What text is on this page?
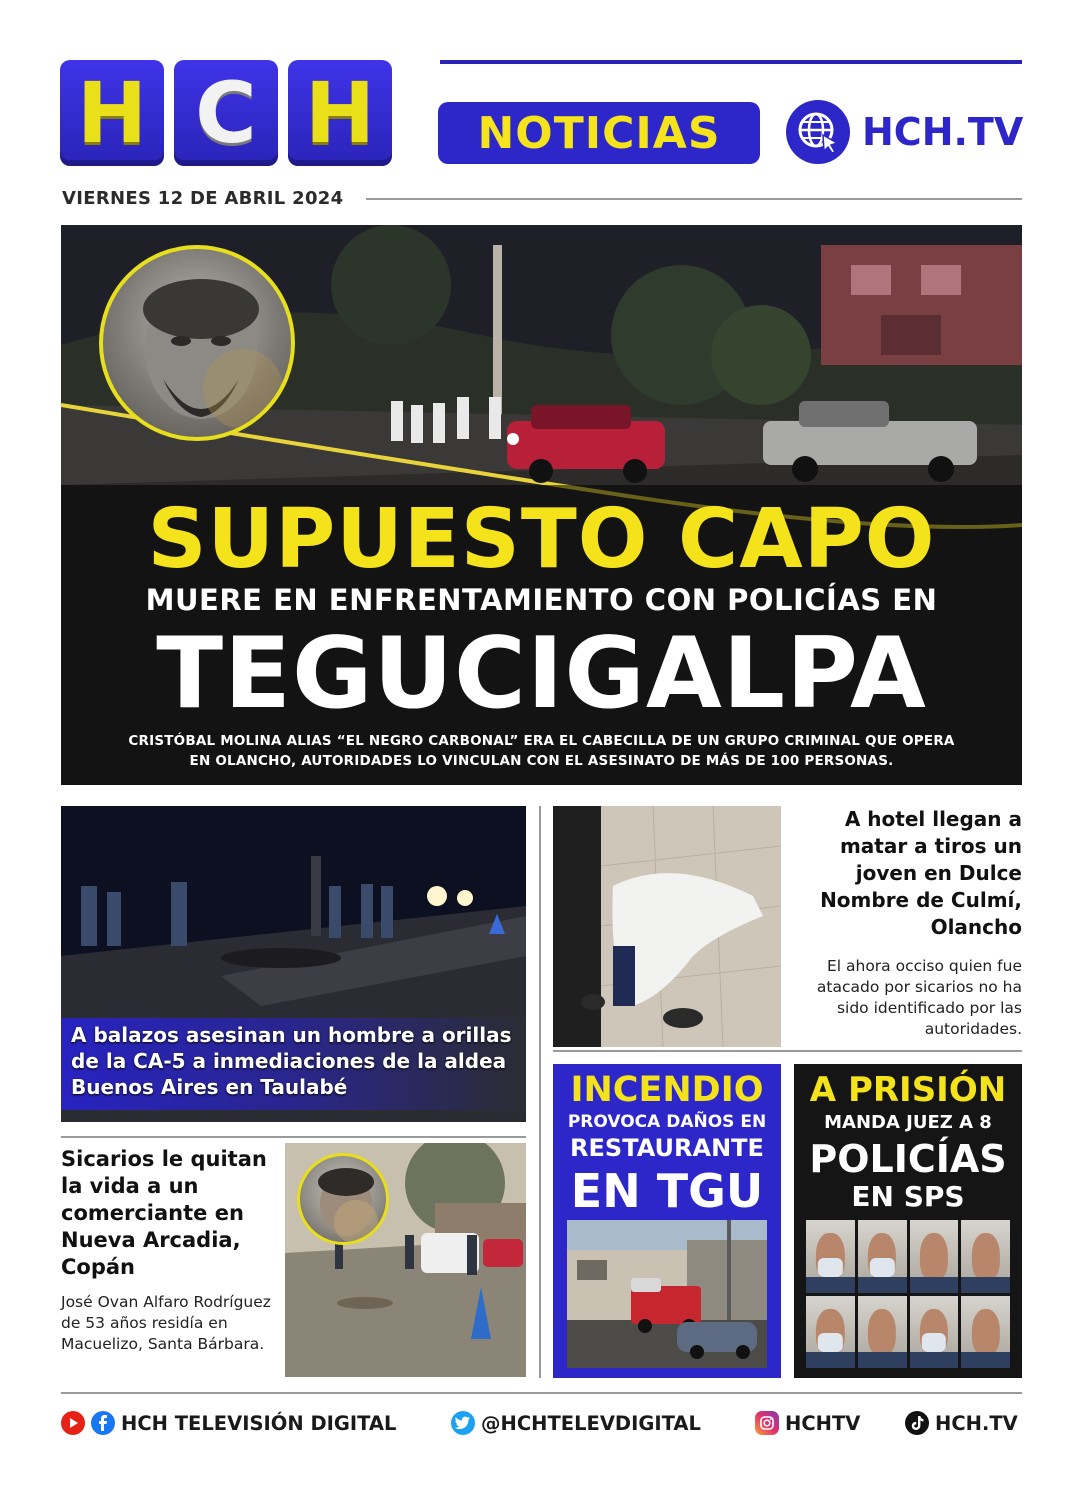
H C H	NOTICIAS	HCH.TV
VIERNES 12 DE ABRIL 2024
SUPUESTO CAPO
MUERE EN ENFRENTAMIENTO CON POLICÍAS EN
TEGUCIGALPA
CRISTÓBAL MOLINA ALIAS “EL NEGRO CARBONAL” ERA EL CABECILLA DE UN GRUPO CRIMINAL QUE OPERA EN OLANCHO, AUTORIDADES LO VINCULAN CON EL ASESINATO DE MÁS DE 100 PERSONAS.
A balazos asesinan un hombre a orillas de la CA-5 a inmediaciones de la aldea Buenos Aires en Taulabé
Sicarios le quitan la vida a un comerciante en Nueva Arcadia, Copán
José Ovan Alfaro Rodríguez de 53 años residía en Macuelizo, Santa Bárbara.
A hotel llegan a matar a tiros un joven en Dulce Nombre de Culmí, Olancho
El ahora occiso quien fue atacado por sicarios no ha sido identificado por las autoridades.
INCENDIO
PROVOCA DAÑOS EN
RESTAURANTE
EN TGU
A PRISIÓN
MANDA JUEZ A 8
POLICÍAS
EN SPS
HCH TELEVISIÓN DIGITAL	@HCHTELEVDIGITAL	HCHTV	HCH.TV
